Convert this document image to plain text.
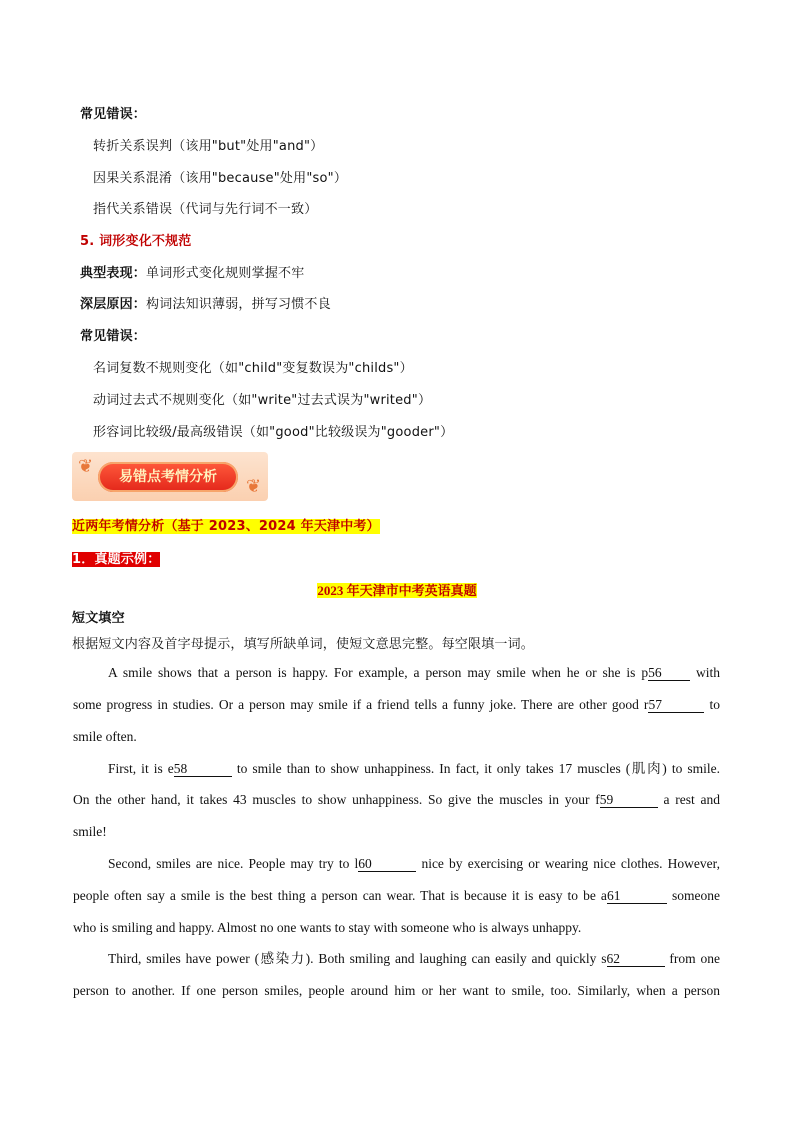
常见错误：
转折关系误判（该用"but"处用"and"）
因果关系混淆（该用"because"处用"so"）
指代关系错误（代词与先行词不一致）
5. 词形变化不规范
典型表现：单词形式变化规则掌握不牢
深层原因：构词法知识薄弱，拼写习惯不良
常见错误：
名词复数不规则变化（如"child"变复数误为"childs"）
动词过去式不规则变化（如"write"过去式误为"writed"）
形容词比较级/最高级错误（如"good"比较级误为"gooder"）
❦
❦
易错点考情分析
近两年考情分析（基于 2023、2024 年天津中考）
1．真题示例：
2023 年天津市中考英语真题
短文填空
根据短文内容及首字母提示，填写所缺单词，使短文意思完整。每空限填一词。
A smile shows that a person is happy. For example, a person may smile when he or she is p56	with
some progress in studies. Or a person may smile if a friend tells a funny joke. There are other good r57	to
smile often.
First, it is e58	to smile than to show unhappiness. In fact, it only takes 17 muscles (肌肉) to smile.
On the other hand, it takes 43 muscles to show unhappiness. So give the muscles in your f59	a rest and
smile!
Second, smiles are nice. People may try to l60	nice by exercising or wearing nice clothes. However,
people often say a smile is the best thing a person can wear. That is because it is easy to be a61	someone
who is smiling and happy. Almost no one wants to stay with someone who is always unhappy.
Third, smiles have power (感染力). Both smiling and laughing can easily and quickly s62	from one
person to another. If one person smiles, people around him or her want to smile, too. Similarly, when a person
